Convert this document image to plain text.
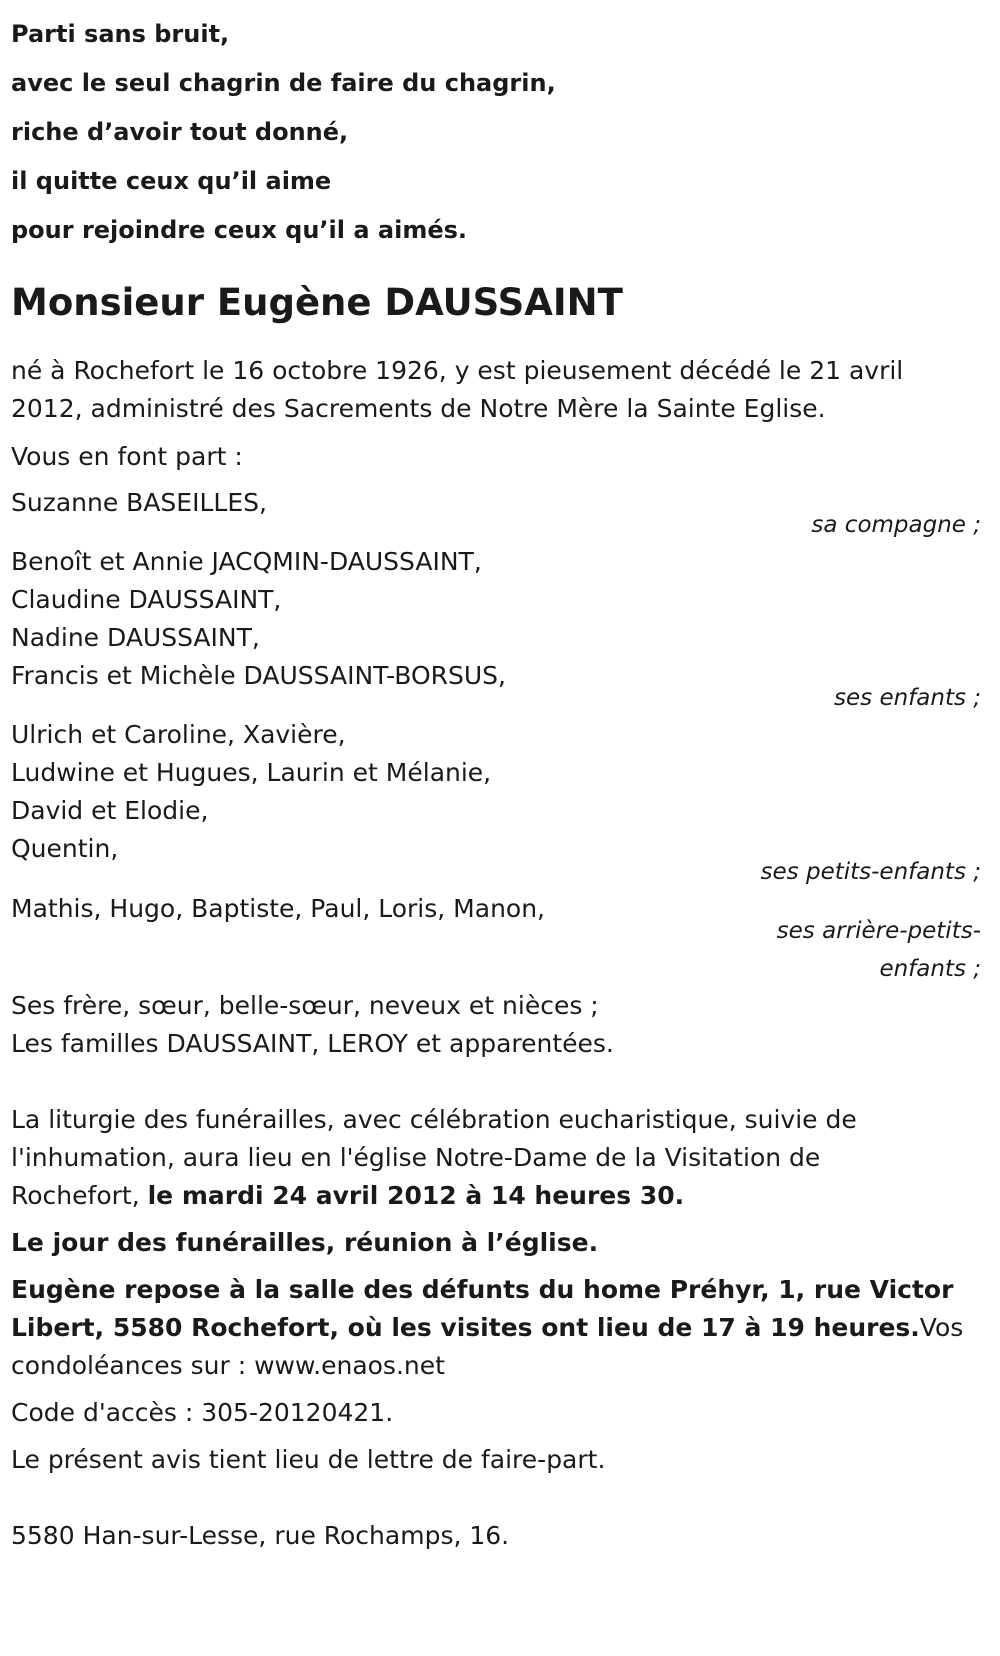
Parti sans bruit,
avec le seul chagrin de faire du chagrin,
riche d’avoir tout donné,
il quitte ceux qu’il aime
pour rejoindre ceux qu’il a aimés.
Monsieur Eugène DAUSSAINT
né à Rochefort le 16 octobre 1926, y est pieusement décédé le 21 avril
2012, administré des Sacrements de Notre Mère la Sainte Eglise.
Vous en font part :
Suzanne BASEILLES,
sa compagne ;
Benoît et Annie JACQMIN-DAUSSAINT,
Claudine DAUSSAINT,
Nadine DAUSSAINT,
Francis et Michèle DAUSSAINT-BORSUS,
ses enfants ;
Ulrich et Caroline, Xavière,
Ludwine et Hugues, Laurin et Mélanie,
David et Elodie,
Quentin,
ses petits-enfants ;
Mathis, Hugo, Baptiste, Paul, Loris, Manon,
ses arrière-petits-
enfants ;
Ses frère, sœur, belle-sœur, neveux et nièces ;
Les familles DAUSSAINT, LEROY et apparentées.
La liturgie des funérailles, avec célébration eucharistique, suivie de
l'inhumation, aura lieu en l'église Notre-Dame de la Visitation de
Rochefort, le mardi 24 avril 2012 à 14 heures 30.
Le jour des funérailles, réunion à l’église.
Eugène repose à la salle des défunts du home Préhyr, 1, rue Victor
Libert, 5580 Rochefort, où les visites ont lieu de 17 à 19 heures.Vos
condoléances sur : www.enaos.net
Code d'accès : 305-20120421.
Le présent avis tient lieu de lettre de faire-part.
5580 Han-sur-Lesse, rue Rochamps, 16.
